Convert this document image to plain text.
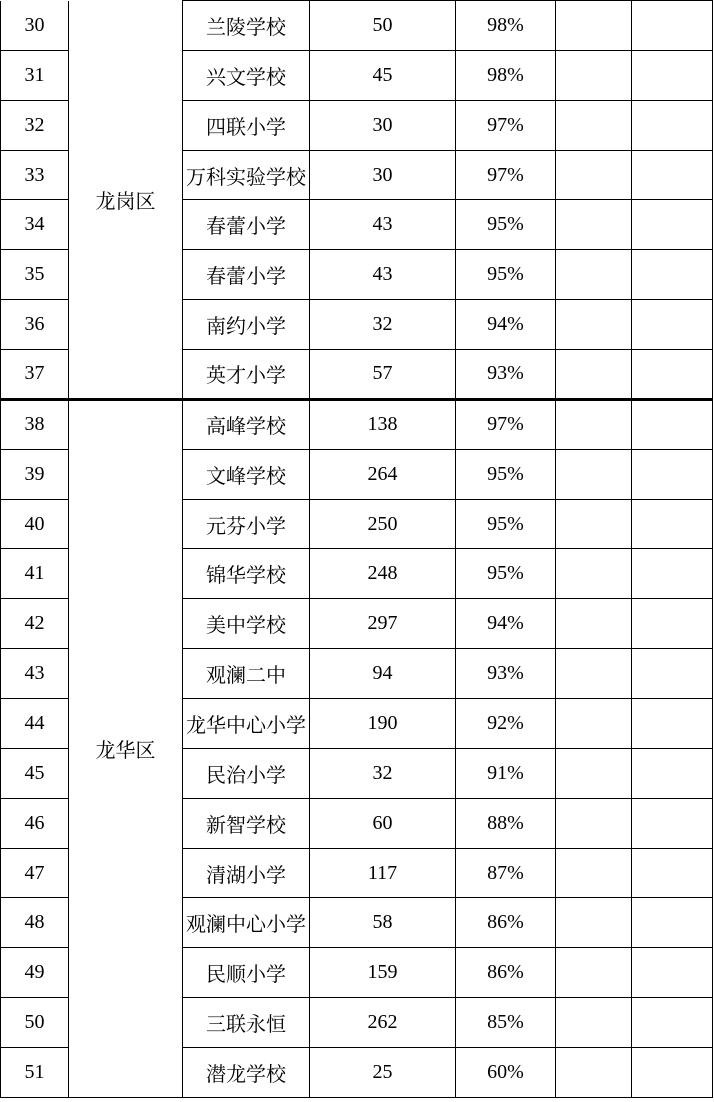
30	龙岗区	兰陵学校	50	98%		
31		兴文学校	45	98%		
32		四联小学	30	97%		
33		万科实验学校	30	97%		
34		春蕾小学	43	95%		
35		春蕾小学	43	95%		
36		南约小学	32	94%		
37		英才小学	57	93%		
38	龙华区	高峰学校	138	97%		
39		文峰学校	264	95%		
40		元芬小学	250	95%		
41		锦华学校	248	95%		
42		美中学校	297	94%		
43		观澜二中	94	93%		
44		龙华中心小学	190	92%		
45		民治小学	32	91%		
46		新智学校	60	88%		
47		清湖小学	117	87%		
48		观澜中心小学	58	86%		
49		民顺小学	159	86%		
50		三联永恒	262	85%		
51		潜龙学校	25	60%		
